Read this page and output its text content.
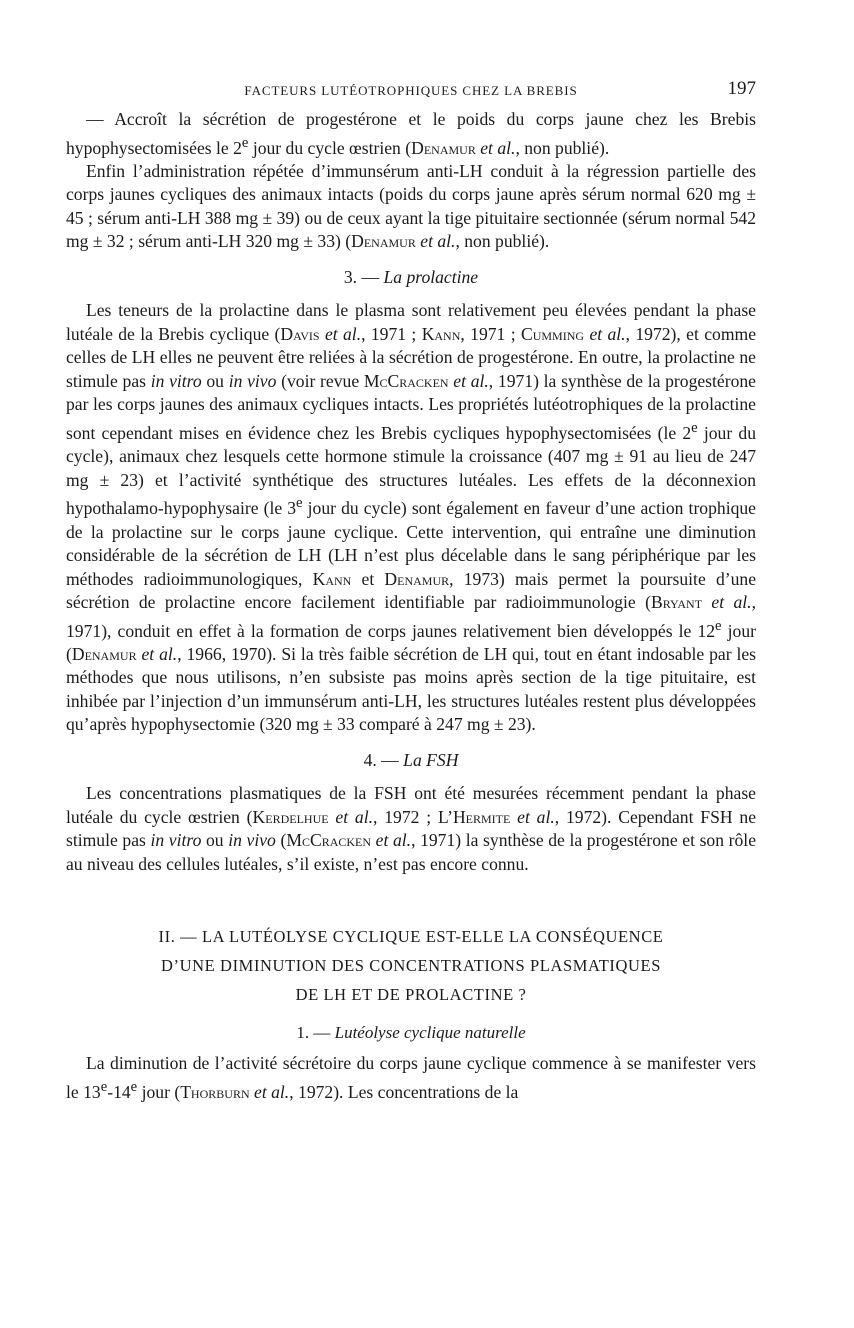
FACTEURS LUTÉOTROPHIQUES CHEZ LA BREBIS	197

— Accroît la sécrétion de progestérone et le poids du corps jaune chez les Brebis hypophysectomisées le 2e jour du cycle œstrien (Denamur et al., non publié).

Enfin l’administration répétée d’immunsérum anti-LH conduit à la régression partielle des corps jaunes cycliques des animaux intacts (poids du corps jaune après sérum normal 620 mg ± 45 ; sérum anti-LH 388 mg ± 39) ou de ceux ayant la tige pituitaire sectionnée (sérum normal 542 mg ± 32 ; sérum anti-LH 320 mg ± 33) (Denamur et al., non publié).

3. — La prolactine

Les teneurs de la prolactine dans le plasma sont relativement peu élevées pendant la phase lutéale de la Brebis cyclique (Davis et al., 1971 ; Kann, 1971 ; Cumming et al., 1972), et comme celles de LH elles ne peuvent être reliées à la sécrétion de progestérone. En outre, la prolactine ne stimule pas in vitro ou in vivo (voir revue McCracken et al., 1971) la synthèse de la progestérone par les corps jaunes des animaux cycliques intacts. Les propriétés lutéotrophiques de la prolactine sont cependant mises en évidence chez les Brebis cycliques hypophysectomisées (le 2e jour du cycle), animaux chez lesquels cette hormone stimule la croissance (407 mg ± 91 au lieu de 247 mg ± 23) et l’activité synthétique des structures lutéales. Les effets de la déconnexion hypothalamo-hypophysaire (le 3e jour du cycle) sont également en faveur d’une action trophique de la prolactine sur le corps jaune cyclique. Cette intervention, qui entraîne une diminution considérable de la sécrétion de LH (LH n’est plus décelable dans le sang périphérique par les méthodes radioimmunologiques, Kann et Denamur, 1973) mais permet la poursuite d’une sécrétion de prolactine encore facilement identifiable par radioimmunologie (Bryant et al., 1971), conduit en effet à la formation de corps jaunes relativement bien développés le 12e jour (Denamur et al., 1966, 1970). Si la très faible sécrétion de LH qui, tout en étant indosable par les méthodes que nous utilisons, n’en subsiste pas moins après section de la tige pituitaire, est inhibée par l’injection d’un immunsérum anti-LH, les structures lutéales restent plus développées qu’après hypophysectomie (320 mg ± 33 comparé à 247 mg ± 23).

4. — La FSH

Les concentrations plasmatiques de la FSH ont été mesurées récemment pendant la phase lutéale du cycle œstrien (Kerdelhue et al., 1972 ; L’Hermite et al., 1972). Cependant FSH ne stimule pas in vitro ou in vivo (McCracken et al., 1971) la synthèse de la progestérone et son rôle au niveau des cellules lutéales, s’il existe, n’est pas encore connu.

II. — LA LUTÉOLYSE CYCLIQUE EST-ELLE LA CONSÉQUENCE
D’UNE DIMINUTION DES CONCENTRATIONS PLASMATIQUES
DE LH ET DE PROLACTINE ?
1. — Lutéolyse cyclique naturelle

La diminution de l’activité sécrétoire du corps jaune cyclique commence à se manifester vers le 13e-14e jour (Thorburn et al., 1972). Les concentrations de la
